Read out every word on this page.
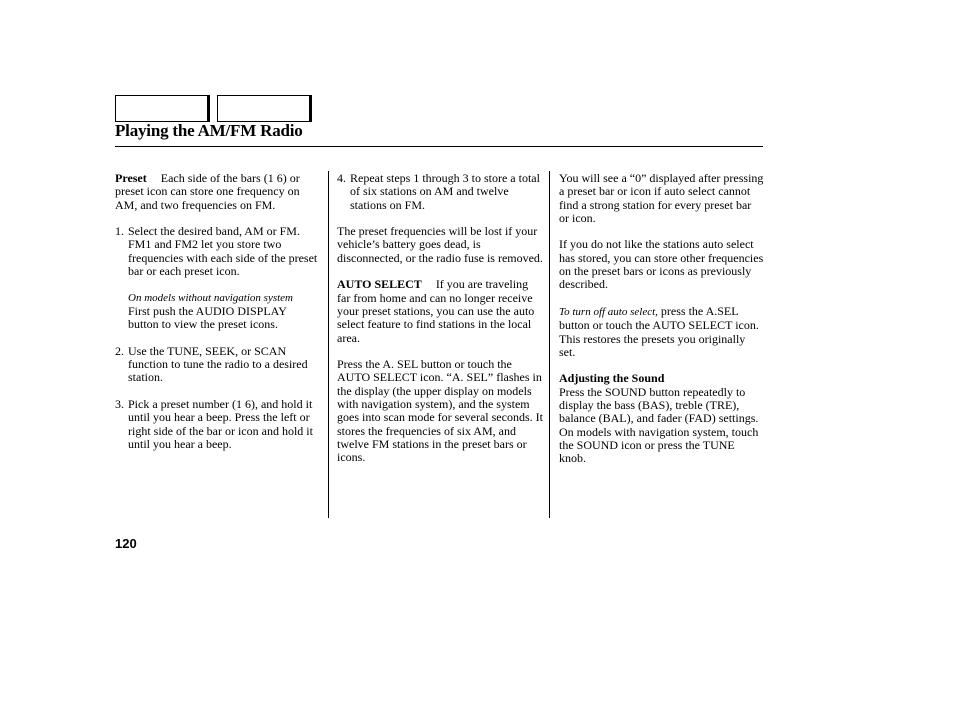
Playing the AM/FM Radio

Preset Each side of the bars (1 6) or preset icon can store one frequency on AM, and two frequencies on FM.

1. Select the desired band, AM or FM. FM1 and FM2 let you store two frequencies with each side of the preset bar or each preset icon.

On models without navigation system

First push the AUDIO DISPLAY button to view the preset icons.

2. Use the TUNE, SEEK, or SCAN function to tune the radio to a desired station.
3. Pick a preset number (1 6), and hold it until you hear a beep. Press the left or right side of the bar or icon and hold it until you hear a beep.
4. Repeat steps 1 through 3 to store a total of six stations on AM and twelve stations on FM.

The preset frequencies will be lost if your vehicle’s battery goes dead, is disconnected, or the radio fuse is removed.

AUTO SELECT If you are traveling far from home and can no longer receive your preset stations, you can use the auto select feature to find stations in the local area.

Press the A. SEL button or touch the AUTO SELECT icon. “A. SEL” flashes in the display (the upper display on models with navigation system), and the system goes into scan mode for several seconds. It stores the frequencies of six AM, and twelve FM stations in the preset bars or icons.

You will see a “0” displayed after pressing a preset bar or icon if auto select cannot find a strong station for every preset bar or icon.

If you do not like the stations auto select has stored, you can store other frequencies on the preset bars or icons as previously described.

To turn off auto select, press the A.SEL button or touch the AUTO SELECT icon. This restores the presets you originally set.

Adjusting the Sound

Press the SOUND button repeatedly to display the bass (BAS), treble (TRE), balance (BAL), and fader (FAD) settings. On models with navigation system, touch the SOUND icon or press the TUNE knob.

120
